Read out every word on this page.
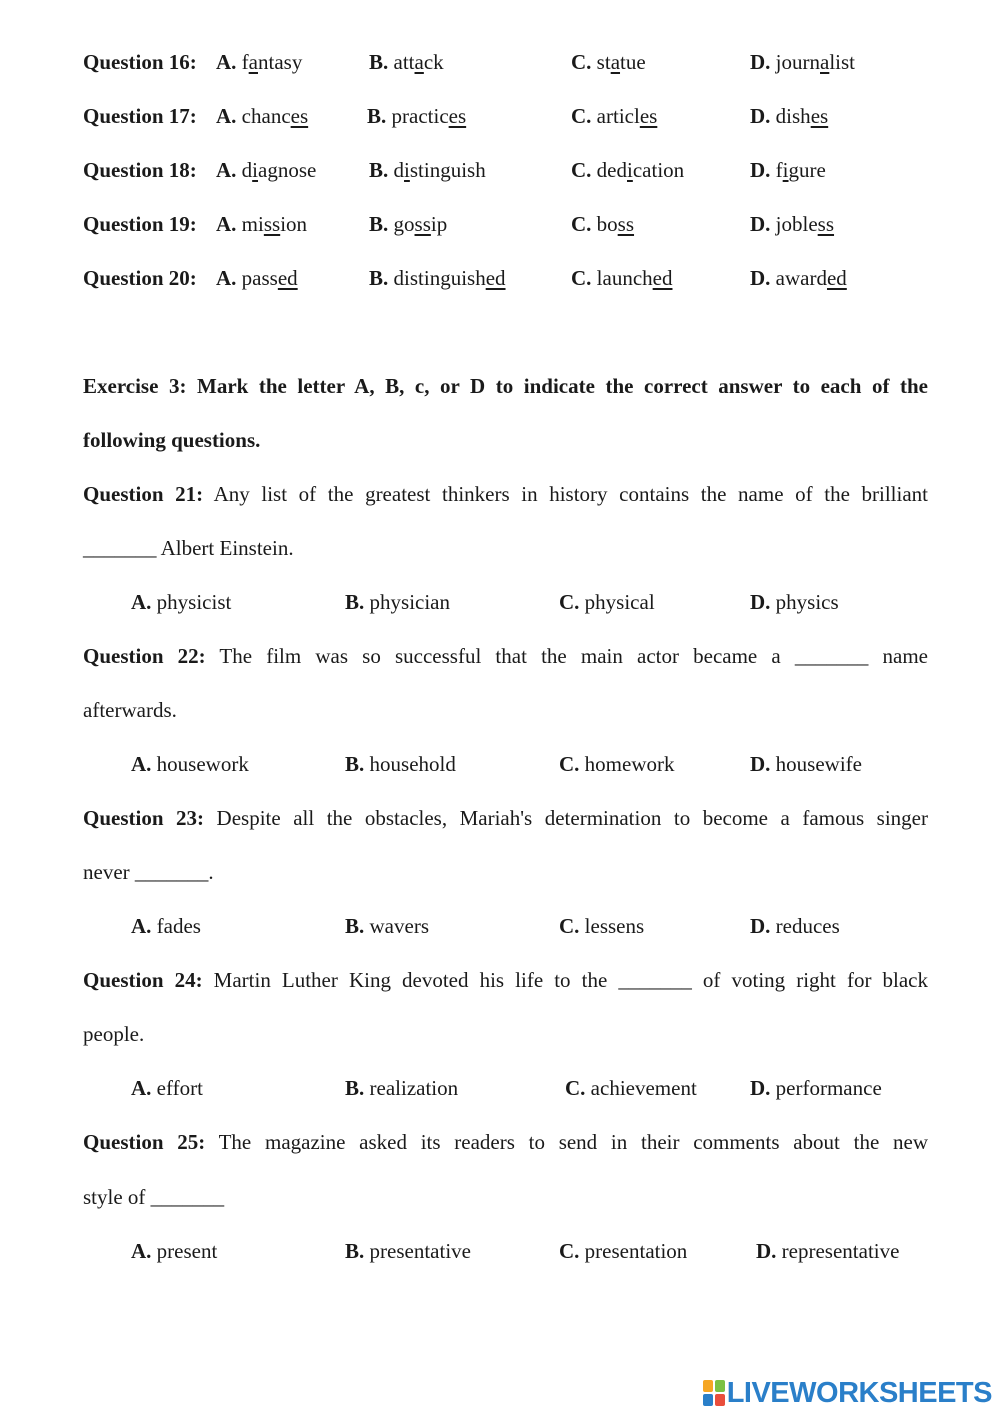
Question 16: A. fantasy	B. attack	C. statue	D. journalist
Question 17: A. chances	B. practices	C. articles	D. dishes
Question 18: A. diagnose	B. distinguish	C. dedication	D. figure
Question 19: A. mission	B. gossip	C. boss	D. jobless
Question 20: A. passed	B. distinguished	C. launched	D. awarded
Exercise 3: Mark the letter A, B, c, or D to indicate the correct answer to each of the
following questions.
Question 21: Any list of the greatest thinkers in history contains the name of the brilliant
_______ Albert Einstein.
A. physicist	B. physician	C. physical	D. physics
Question 22: The film was so successful that the main actor became a _______ name
afterwards.
A. housework	B. household	C. homework	D. housewife
Question 23: Despite all the obstacles, Mariah's determination to become a famous singer
never _______.
A. fades	B. wavers	C. lessens	D. reduces
Question 24: Martin Luther King devoted his life to the _______ of voting right for black
people.
A. effort	B. realization	C. achievement	D. performance
Question 25: The magazine asked its readers to send in their comments about the new
style of _______
A. present	B. presentative	C. presentation	D. representative
LIVEWORKSHEETS
